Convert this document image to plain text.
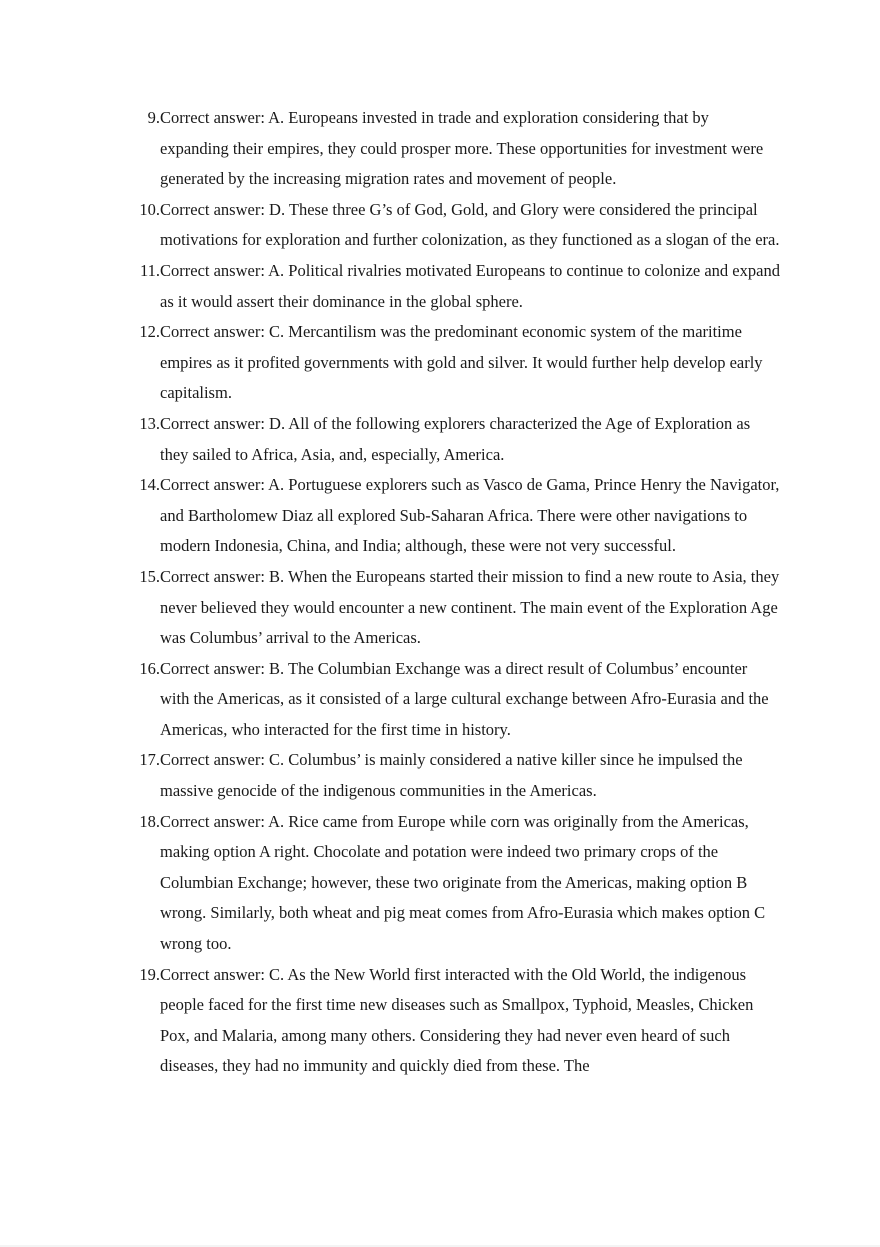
9. Correct answer: A. Europeans invested in trade and exploration considering that by expanding their empires, they could prosper more. These opportunities for investment were generated by the increasing migration rates and movement of people.
10. Correct answer: D. These three G’s of God, Gold, and Glory were considered the principal motivations for exploration and further colonization, as they functioned as a slogan of the era.
11. Correct answer: A. Political rivalries motivated Europeans to continue to colonize and expand as it would assert their dominance in the global sphere.
12. Correct answer: C. Mercantilism was the predominant economic system of the maritime empires as it profited governments with gold and silver. It would further help develop early capitalism.
13. Correct answer: D. All of the following explorers characterized the Age of Exploration as they sailed to Africa, Asia, and, especially, America.
14. Correct answer: A. Portuguese explorers such as Vasco de Gama, Prince Henry the Navigator, and Bartholomew Diaz all explored Sub-Saharan Africa. There were other navigations to modern Indonesia, China, and India; although, these were not very successful.
15. Correct answer: B. When the Europeans started their mission to find a new route to Asia, they never believed they would encounter a new continent. The main event of the Exploration Age was Columbus’ arrival to the Americas.
16. Correct answer: B. The Columbian Exchange was a direct result of Columbus’ encounter with the Americas, as it consisted of a large cultural exchange between Afro-Eurasia and the Americas, who interacted for the first time in history.
17. Correct answer: C. Columbus’ is mainly considered a native killer since he impulsed the massive genocide of the indigenous communities in the Americas.
18. Correct answer: A. Rice came from Europe while corn was originally from the Americas, making option A right. Chocolate and potation were indeed two primary crops of the Columbian Exchange; however, these two originate from the Americas, making option B wrong. Similarly, both wheat and pig meat comes from Afro-Eurasia which makes option C wrong too.
19. Correct answer: C. As the New World first interacted with the Old World, the indigenous people faced for the first time new diseases such as Smallpox, Typhoid, Measles, Chicken Pox, and Malaria, among many others. Considering they had never even heard of such diseases, they had no immunity and quickly died from these. The
